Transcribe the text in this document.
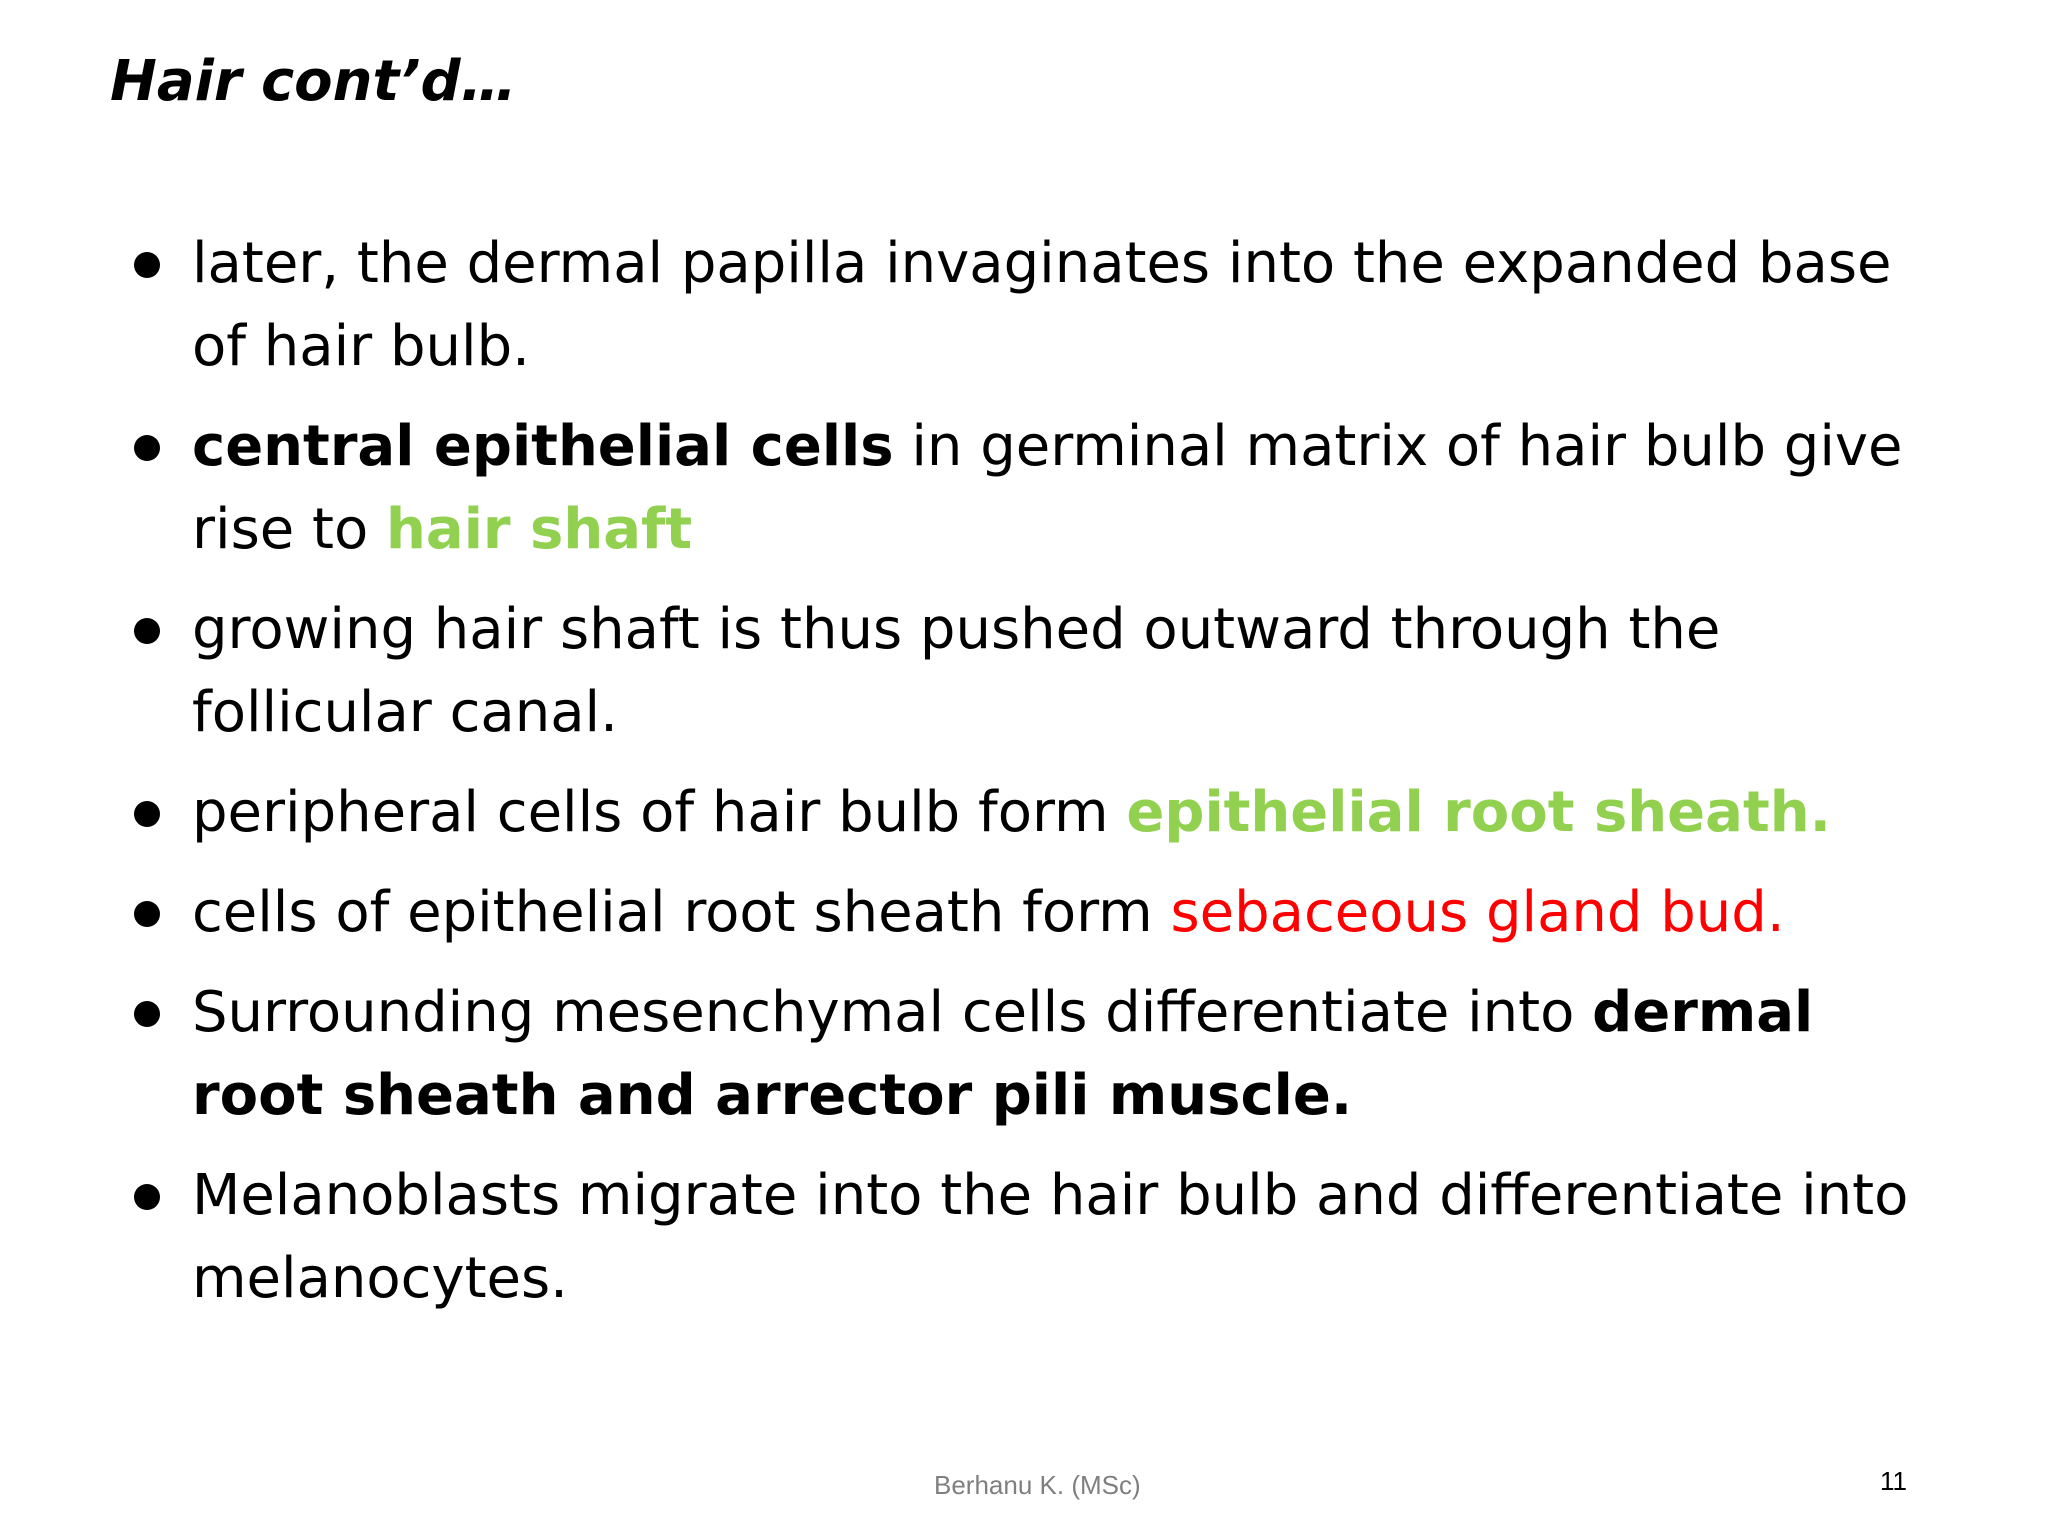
Hair cont’d…
later, the dermal papilla invaginates into the expanded base of hair bulb.
central epithelial cells in germinal matrix of hair bulb give rise to hair shaft
growing hair shaft is thus pushed outward through the follicular canal.
peripheral cells of hair bulb form epithelial root sheath.
cells of epithelial root sheath form sebaceous gland bud.
Surrounding mesenchymal cells differentiate into dermal root sheath and arrector pili muscle.
Melanoblasts migrate into the hair bulb and differentiate into melanocytes.
Berhanu K. (MSc)	11
